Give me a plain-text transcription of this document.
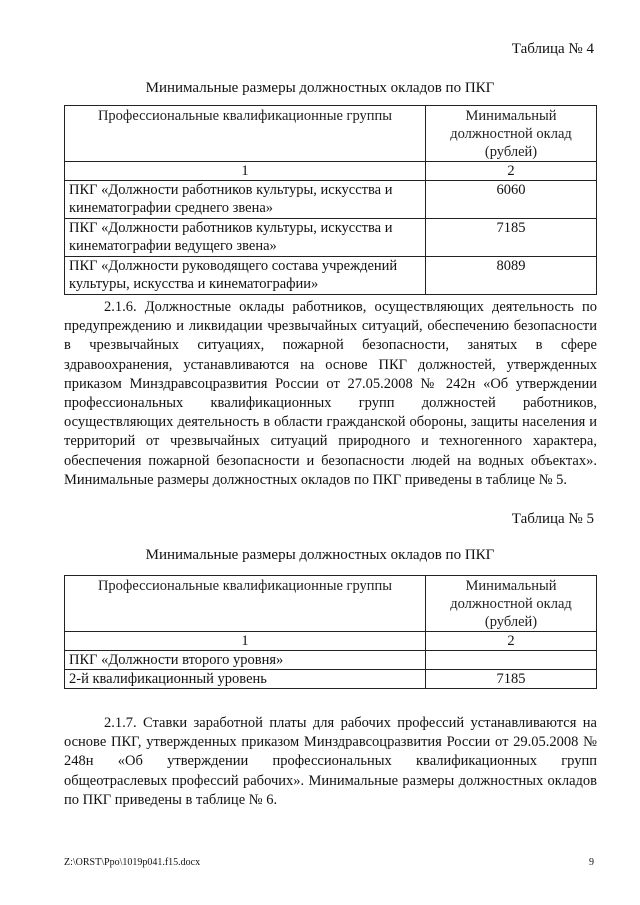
Таблица № 4
Минимальные размеры должностных окладов по ПКГ
Профессиональные квалификационные группы	Минимальный должностной оклад (рублей)
1	2
ПКГ «Должности работников культуры, искусства и кинематографии среднего звена»	6060
ПКГ «Должности работников культуры, искусства и кинематографии ведущего звена»	7185
ПКГ «Должности руководящего состава учреждений культуры, искусства и кинематографии»	8089
2.1.6. Должностные оклады работников, осуществляющих деятельность по предупреждению и ликвидации чрезвычайных ситуаций, обеспечению безопасности в чрезвычайных ситуациях, пожарной безопасности, занятых в сфере здравоохранения, устанавливаются на основе ПКГ должностей, утвержденных приказом Минздравсоцразвития России от 27.05.2008 № 242н «Об утверждении профессиональных квалификационных групп должностей работников, осуществляющих деятельность в области гражданской обороны, защиты населения и территорий от чрезвычайных ситуаций природного и техногенного характера, обеспечения пожарной безопасности и безопасности людей на водных объектах». Минимальные размеры должностных окладов по ПКГ приведены в таблице № 5.
Таблица № 5
Минимальные размеры должностных окладов по ПКГ
Профессиональные квалификационные группы	Минимальный должностной оклад (рублей)
1	2
ПКГ «Должности второго уровня»	
2-й квалификационный уровень	7185
2.1.7. Ставки заработной платы для рабочих профессий устанавливаются на основе ПКГ, утвержденных приказом Минздравсоцразвития России от 29.05.2008 № 248н «Об утверждении профессиональных квалификационных групп общеотраслевых профессий рабочих». Минимальные размеры должностных окладов по ПКГ приведены в таблице № 6.
Z:\ORST\Ppo\1019p041.f15.docx	9
